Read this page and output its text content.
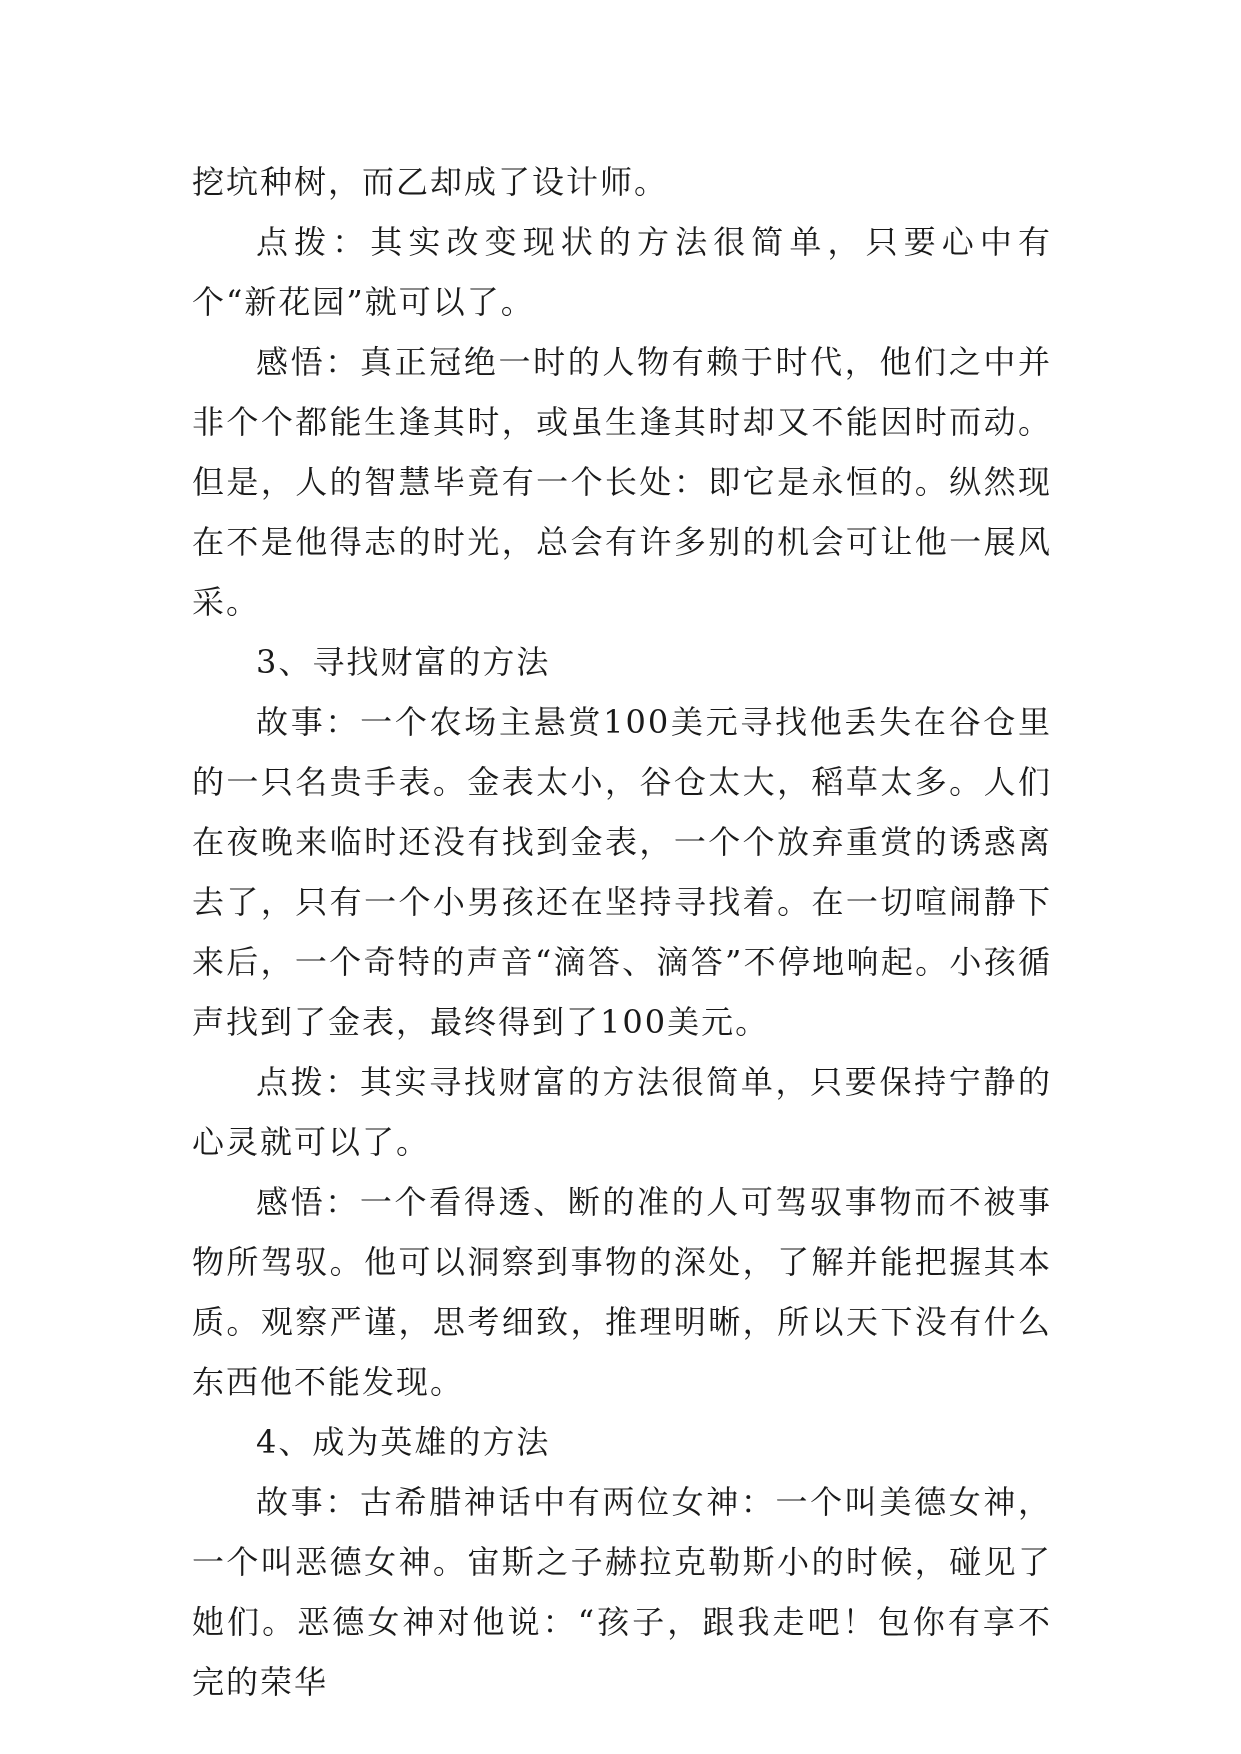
挖坑种树，而乙却成了设计师。

点拨：其实改变现状的方法很简单，只要心中有个“新花园”就可以了。

感悟：真正冠绝一时的人物有赖于时代，他们之中并非个个都能生逢其时，或虽生逢其时却又不能因时而动。但是，人的智慧毕竟有一个长处：即它是永恒的。纵然现在不是他得志的时光，总会有许多别的机会可让他一展风采。

3、寻找财富的方法

故事：一个农场主悬赏100美元寻找他丢失在谷仓里的一只名贵手表。金表太小，谷仓太大，稻草太多。人们在夜晚来临时还没有找到金表，一个个放弃重赏的诱惑离去了，只有一个小男孩还在坚持寻找着。在一切喧闹静下来后，一个奇特的声音“滴答、滴答”不停地响起。小孩循声找到了金表，最终得到了100美元。

点拨：其实寻找财富的方法很简单，只要保持宁静的心灵就可以了。

感悟：一个看得透、断的准的人可驾驭事物而不被事物所驾驭。他可以洞察到事物的深处，了解并能把握其本质。观察严谨，思考细致，推理明晰，所以天下没有什么东西他不能发现。

4、成为英雄的方法

故事：古希腊神话中有两位女神：一个叫美德女神，一个叫恶德女神。宙斯之子赫拉克勒斯小的时候，碰见了她们。恶德女神对他说：“孩子，跟我走吧！包你有享不完的荣华
